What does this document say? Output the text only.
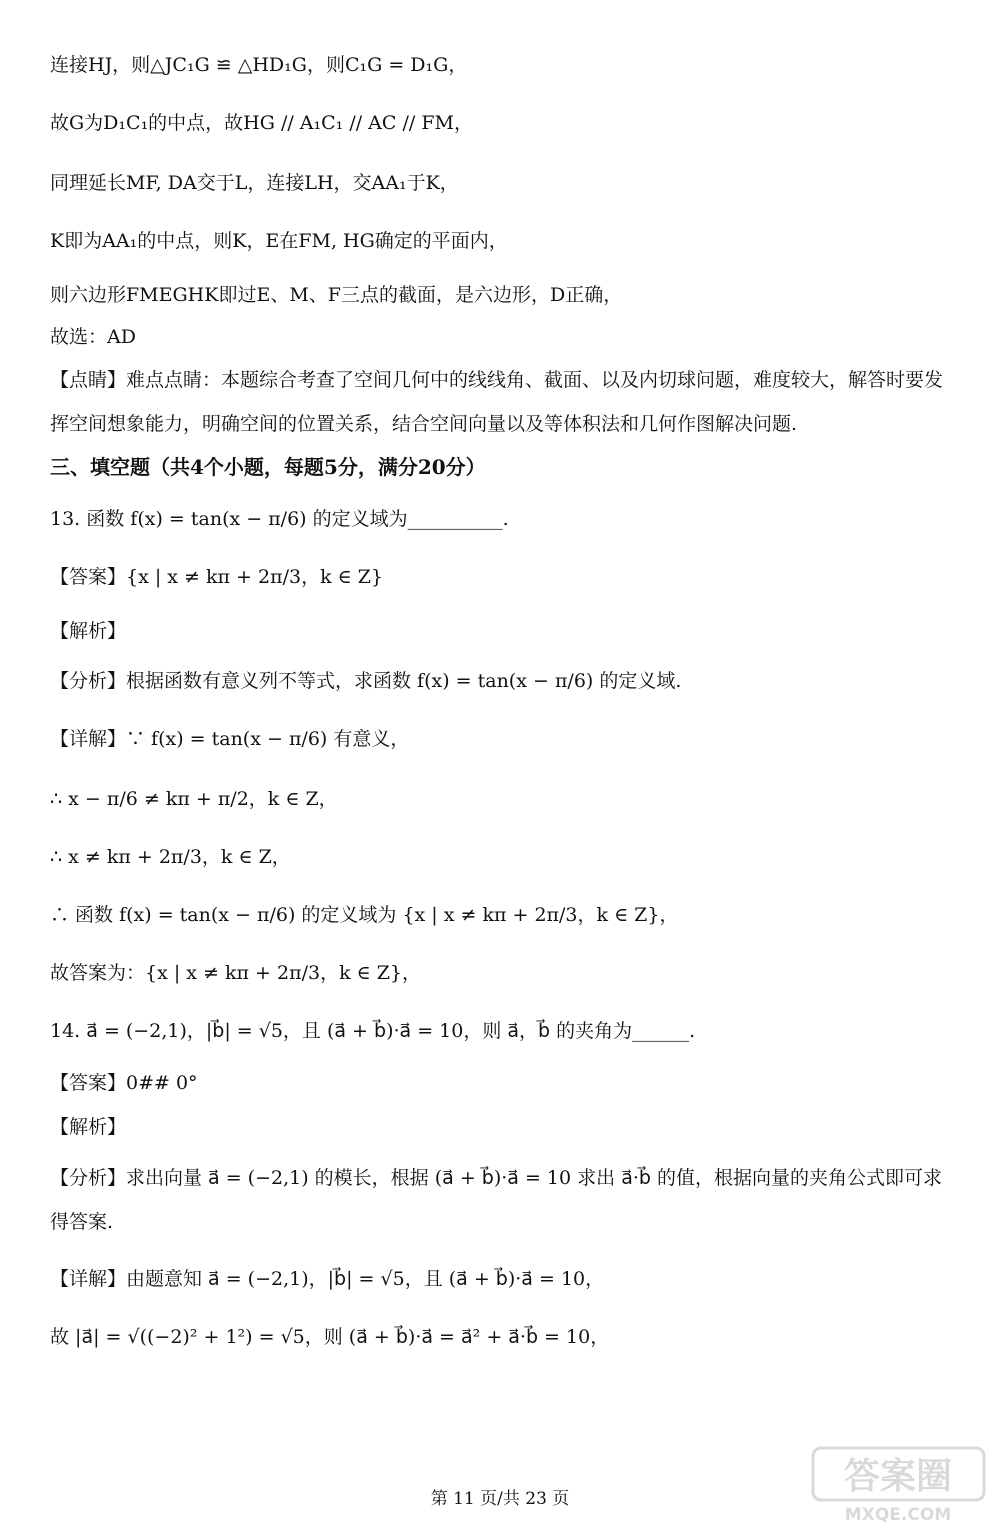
连接HJ，则△JC₁G ≌ △HD₁G，则C₁G = D₁G，
故G为D₁C₁的中点，故HG // A₁C₁ // AC // FM，
同理延长MF, DA交于L，连接LH，交AA₁于K，
K即为AA₁的中点，则K，E在FM, HG确定的平面内，
则六边形FMEGHK即过E、M、F三点的截面，是六边形，D正确，
故选：AD
【点睛】难点点睛：本题综合考查了空间几何中的线线角、截面、以及内切球问题，难度较大，解答时要发挥空间想象能力，明确空间的位置关系，结合空间向量以及等体积法和几何作图解决问题.
三、填空题（共4个小题，每题5分，满分20分）
13. 函数 f(x) = tan(x − π/6) 的定义域为__________.
【答案】{x | x ≠ kπ + 2π/3，k ∈ Z}
【解析】
【分析】根据函数有意义列不等式，求函数 f(x) = tan(x − π/6) 的定义域.
【详解】∵ f(x) = tan(x − π/6) 有意义，
∴ x − π/6 ≠ kπ + π/2，k ∈ Z，
∴ x ≠ kπ + 2π/3，k ∈ Z，
∴ 函数 f(x) = tan(x − π/6) 的定义域为 {x | x ≠ kπ + 2π/3，k ∈ Z}，
故答案为：{x | x ≠ kπ + 2π/3，k ∈ Z}，
14. a⃗ = (−2,1)，|b⃗| = √5，且 (a⃗ + b⃗)·a⃗ = 10，则 a⃗，b⃗ 的夹角为______.
【答案】0## 0°
【解析】
【分析】求出向量 a⃗ = (−2,1) 的模长，根据 (a⃗ + b⃗)·a⃗ = 10 求出 a⃗·b⃗ 的值，根据向量的夹角公式即可求得答案.
【详解】由题意知 a⃗ = (−2,1)，|b⃗| = √5，且 (a⃗ + b⃗)·a⃗ = 10，
故 |a⃗| = √((−2)² + 1²) = √5，则 (a⃗ + b⃗)·a⃗ = a⃗² + a⃗·b⃗ = 10，
第 11 页/共 23 页
答案圈
MXQE.COM
